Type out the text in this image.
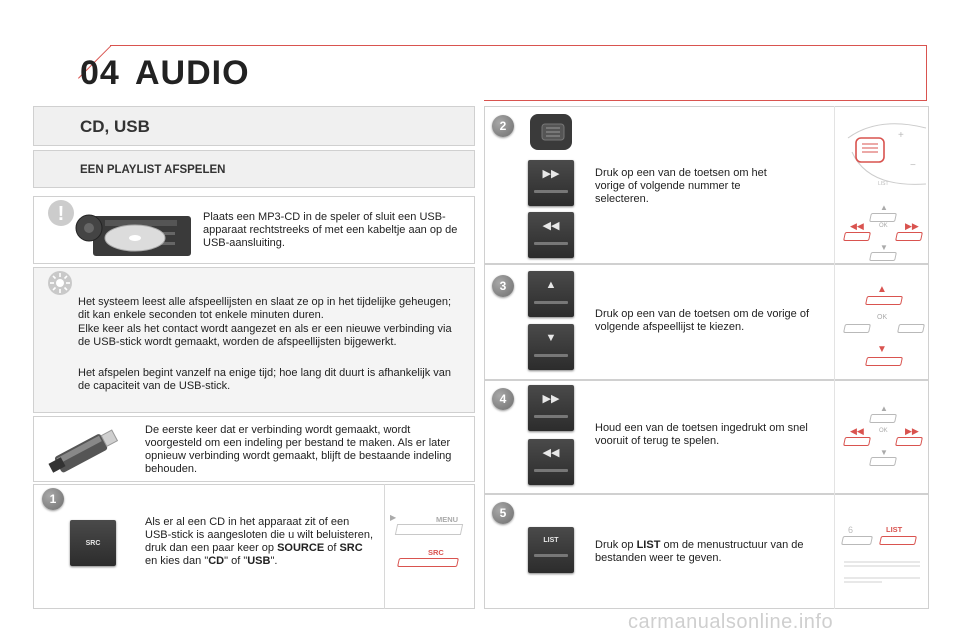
04 AUDIO
CD, USB
EEN PLAYLIST AFSPELEN
!	Plaats een MP3-CD in de speler of sluit een USB-apparaat rechtstreeks of met een kabeltje aan op de USB-aansluiting.
Het systeem leest alle afspeellijsten en slaat ze op in het tijdelijke geheugen; dit kan enkele seconden tot enkele minuten duren.
Elke keer als het contact wordt aangezet en als er een nieuwe verbinding via de USB-stick wordt gemaakt, worden de afspeellijsten bijgewerkt.
Het afspelen begint vanzelf na enige tijd; hoe lang dit duurt is afhankelijk van de capaciteit van de USB-stick.
De eerste keer dat er verbinding wordt gemaakt, wordt voorgesteld om een indeling per bestand te maken. Als er later opnieuw verbinding wordt gemaakt, blijft de bestaande indeling behouden.
1
SRC
Als er al een CD in het apparaat zit of een USB-stick is aangesloten die u wilt beluisteren, druk dan een paar keer op SOURCE of SRC en kies dan "CD" of "USB".
▶	MENU
SRC
2
▶▶
◀◀
Druk op een van de toetsen om het vorige of volgende nummer te selecteren.
+
−
LIST
▲
◀◀	▶▶
OK
▼
3	▲
▼
Druk op een van de toetsen om de vorige of volgende afspeellijst te kiezen.
▲
OK
▼
4	▶▶
◀◀
Houd een van de toetsen ingedrukt om snel vooruit of terug te spelen.
▲
◀◀	▶▶
OK
▼
5
LIST	Druk op LIST om de menustructuur van de bestanden weer te geven.
6	LIST
carmanualsonline.info
